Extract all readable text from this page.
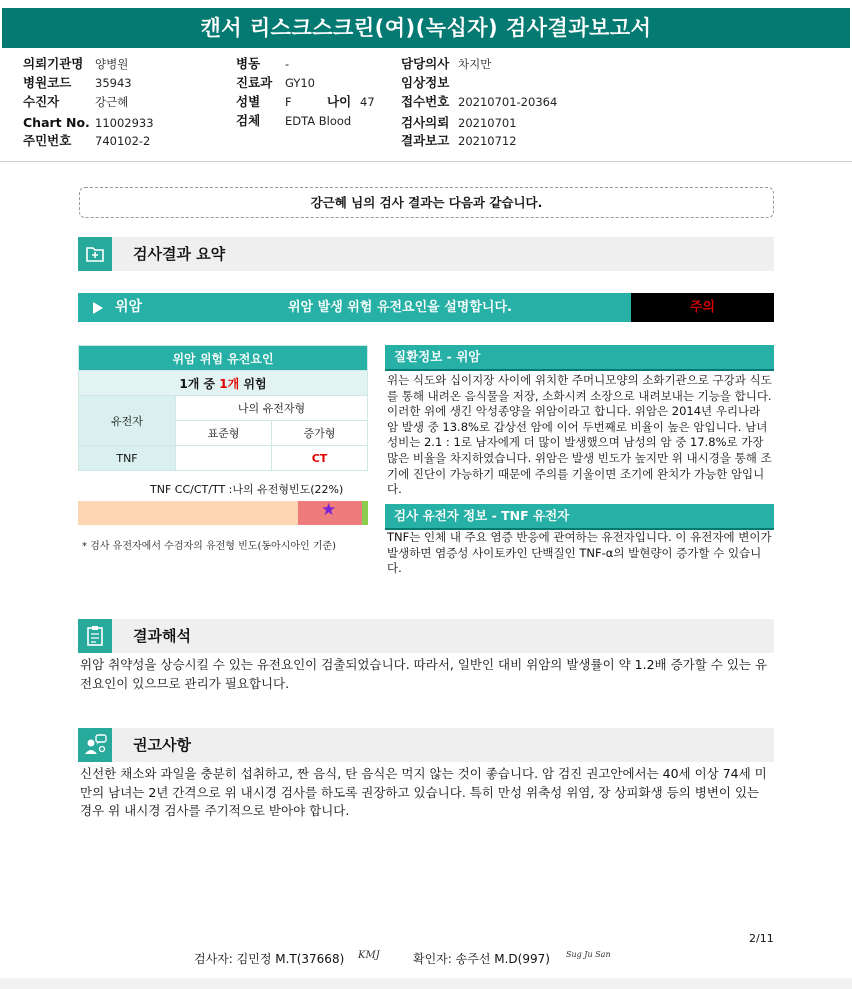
캔서 리스크스크린(여)(녹십자) 검사결과보고서
의뢰기관명 양병원
병원코드 35943
수진자	강근혜
Chart No. 11002933
주민번호 740102-2
병동 -
진료과 GY10
성별 F	나이 47
검체 EDTA Blood
담당의사 차지만
임상정보
접수번호 20210701-20364
검사의뢰 20210701
결과보고 20210712
강근혜 님의 검사 결과는 다음과 같습니다.
검사결과 요약
위암	위암 발생 위험 유전요인을 설명합니다.	주의
위암 위험 유전요인		
1개 중 1개 위험		
유전자	나의 유전자형	
	표준형	증가형
TNF		CT
TNF CC/CT/TT :나의 유전형빈도(22%)
★
* 검사 유전자에서 수검자의 유전형 빈도(동아시아인 기준)
질환정보 - 위암
위는 식도와 십이지장 사이에 위치한 주머니모양의 소화기관으로 구강과 식도를 통해 내려온 음식물을 저장, 소화시켜 소장으로 내려보내는 기능을 합니다. 이러한 위에 생긴 악성종양을 위암이라고 합니다. 위암은 2014년 우리나라 암 발생 중 13.8%로 갑상선 암에 이어 두번째로 비율이 높은 암입니다. 남녀 성비는 2.1 : 1로 남자에게 더 많이 발생했으며 남성의 암 중 17.8%로 가장 많은 비율을 차지하였습니다. 위암은 발생 빈도가 높지만 위 내시경을 통해 조기에 진단이 가능하기 때문에 주의를 기울이면 조기에 완치가 가능한 암입니다.
검사 유전자 정보 - TNF 유전자
TNF는 인체 내 주요 염증 반응에 관여하는 유전자입니다. 이 유전자에 변이가 발생하면 염증성 사이토카인 단백질인 TNF-α의 발현량이 증가할 수 있습니다.
결과해석
위암 취약성을 상승시킬 수 있는 유전요인이 검출되었습니다. 따라서, 일반인 대비 위암의 발생률이 약 1.2배 증가할 수 있는 유전요인이 있으므로 관리가 필요합니다.
권고사항
신선한 채소와 과일을 충분히 섭취하고, 짠 음식, 탄 음식은 먹지 않는 것이 좋습니다. 암 검진 권고안에서는 40세 이상 74세 미만의 남녀는 2년 간격으로 위 내시경 검사를 하도록 권장하고 있습니다. 특히 만성 위축성 위염, 장 상피화생 등의 병변이 있는 경우 위 내시경 검사를 주기적으로 받아야 합니다.
2/11
검사자: 김민정 M.T(37668) KMJ	확인자: 송주선 M.D(997) Sug Ju San
